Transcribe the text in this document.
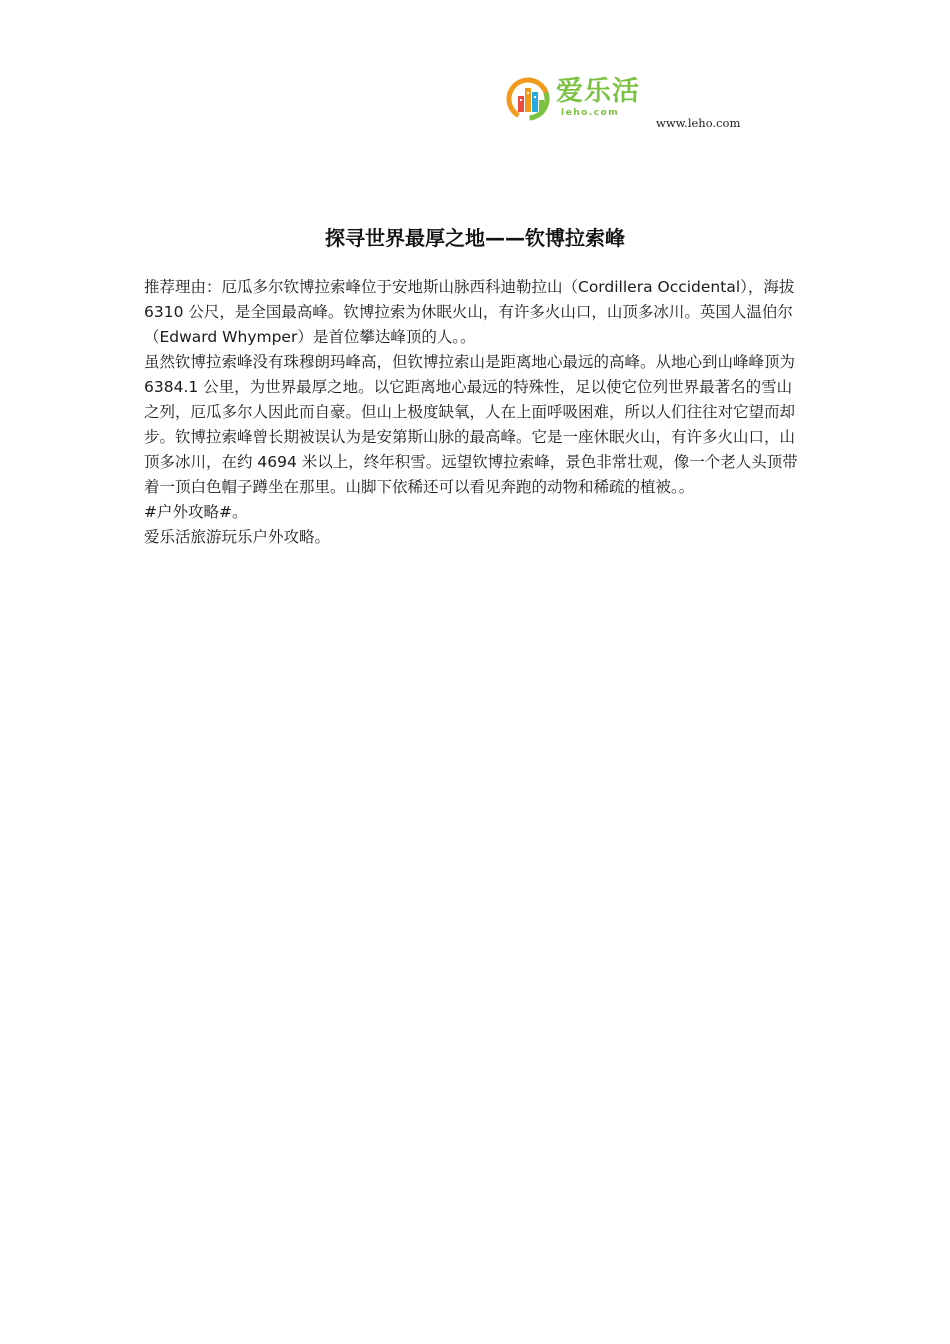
爱乐活
leho.com
www.leho.com
探寻世界最厚之地——钦博拉索峰

推荐理由：厄瓜多尔钦博拉索峰位于安地斯山脉西科迪勒拉山（Cordillera Occidental），海拔 6310 公尺，是全国最高峰。钦博拉索为休眠火山，有许多火山口，山顶多冰川。英国人温伯尔（Edward Whymper）是首位攀达峰顶的人。。

虽然钦博拉索峰没有珠穆朗玛峰高，但钦博拉索山是距离地心最远的高峰。从地心到山峰峰顶为 6384.1 公里，为世界最厚之地。以它距离地心最远的特殊性，足以使它位列世界最著名的雪山之列，厄瓜多尔人因此而自豪。但山上极度缺氧，人在上面呼吸困难，所以人们往往对它望而却步。钦博拉索峰曾长期被误认为是安第斯山脉的最高峰。它是一座休眠火山，有许多火山口，山顶多冰川，在约 4694 米以上，终年积雪。远望钦博拉索峰，景色非常壮观，像一个老人头顶带着一顶白色帽子蹲坐在那里。山脚下依稀还可以看见奔跑的动物和稀疏的植被。。

#户外攻略#。

爱乐活旅游玩乐户外攻略。
